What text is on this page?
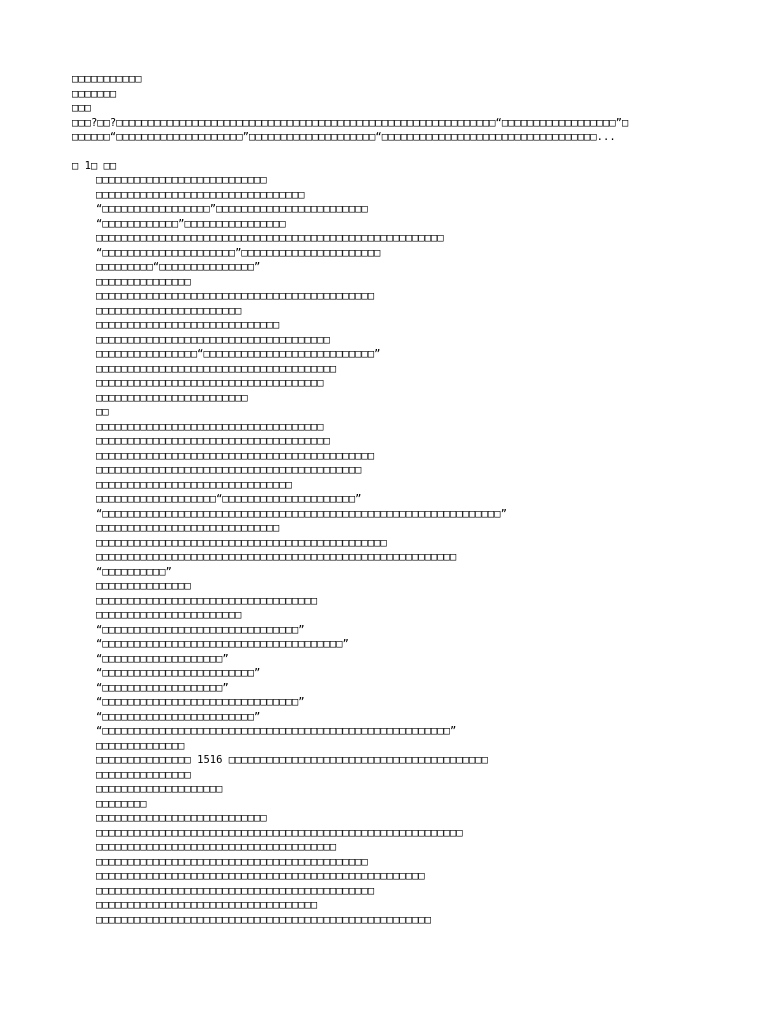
□□□□□□□□□□□
□□□□□□□
□□□
□□□?□□?□□□□□□□□□□□□□□□□□□□□□□□□□□□□□□□□□□□□□□□□□□□□□□□□□□□□□□□□□□□□“□□□□□□□□□□□□□□□□□□”□
□□□□□□“□□□□□□□□□□□□□□□□□□□□”□□□□□□□□□□□□□□□□□□□□“□□□□□□□□□□□□□□□□□□□□□□□□□□□□□□□□□□...
□ 1□ □□
□□□□□□□□□□□□□□□□□□□□□□□□□□□
□□□□□□□□□□□□□□□□□□□□□□□□□□□□□□□□□
“□□□□□□□□□□□□□□□□□”□□□□□□□□□□□□□□□□□□□□□□□□
“□□□□□□□□□□□□”□□□□□□□□□□□□□□□□
□□□□□□□□□□□□□□□□□□□□□□□□□□□□□□□□□□□□□□□□□□□□□□□□□□□□□□□
“□□□□□□□□□□□□□□□□□□□□□”□□□□□□□□□□□□□□□□□□□□□□
□□□□□□□□□“□□□□□□□□□□□□□□□”
□□□□□□□□□□□□□□□
□□□□□□□□□□□□□□□□□□□□□□□□□□□□□□□□□□□□□□□□□□□□
□□□□□□□□□□□□□□□□□□□□□□□
□□□□□□□□□□□□□□□□□□□□□□□□□□□□□
□□□□□□□□□□□□□□□□□□□□□□□□□□□□□□□□□□□□□
□□□□□□□□□□□□□□□□“□□□□□□□□□□□□□□□□□□□□□□□□□□□”
□□□□□□□□□□□□□□□□□□□□□□□□□□□□□□□□□□□□□□
□□□□□□□□□□□□□□□□□□□□□□□□□□□□□□□□□□□□
□□□□□□□□□□□□□□□□□□□□□□□□
□□
□□□□□□□□□□□□□□□□□□□□□□□□□□□□□□□□□□□□
□□□□□□□□□□□□□□□□□□□□□□□□□□□□□□□□□□□□□
□□□□□□□□□□□□□□□□□□□□□□□□□□□□□□□□□□□□□□□□□□□□
□□□□□□□□□□□□□□□□□□□□□□□□□□□□□□□□□□□□□□□□□□
□□□□□□□□□□□□□□□□□□□□□□□□□□□□□□□
□□□□□□□□□□□□□□□□□□□“□□□□□□□□□□□□□□□□□□□□□”
“□□□□□□□□□□□□□□□□□□□□□□□□□□□□□□□□□□□□□□□□□□□□□□□□□□□□□□□□□□□□□□□”
□□□□□□□□□□□□□□□□□□□□□□□□□□□□□
□□□□□□□□□□□□□□□□□□□□□□□□□□□□□□□□□□□□□□□□□□□□□□
□□□□□□□□□□□□□□□□□□□□□□□□□□□□□□□□□□□□□□□□□□□□□□□□□□□□□□□□□
“□□□□□□□□□□”
□□□□□□□□□□□□□□□
□□□□□□□□□□□□□□□□□□□□□□□□□□□□□□□□□□□
□□□□□□□□□□□□□□□□□□□□□□□
“□□□□□□□□□□□□□□□□□□□□□□□□□□□□□□□”
“□□□□□□□□□□□□□□□□□□□□□□□□□□□□□□□□□□□□□□”
“□□□□□□□□□□□□□□□□□□□”
“□□□□□□□□□□□□□□□□□□□□□□□□”
“□□□□□□□□□□□□□□□□□□□”
“□□□□□□□□□□□□□□□□□□□□□□□□□□□□□□□”
“□□□□□□□□□□□□□□□□□□□□□□□□”
“□□□□□□□□□□□□□□□□□□□□□□□□□□□□□□□□□□□□□□□□□□□□□□□□□□□□□□□”
□□□□□□□□□□□□□□
□□□□□□□□□□□□□□□ 1516 □□□□□□□□□□□□□□□□□□□□□□□□□□□□□□□□□□□□□□□□□
□□□□□□□□□□□□□□□
□□□□□□□□□□□□□□□□□□□□
□□□□□□□□
□□□□□□□□□□□□□□□□□□□□□□□□□□□
□□□□□□□□□□□□□□□□□□□□□□□□□□□□□□□□□□□□□□□□□□□□□□□□□□□□□□□□□□
□□□□□□□□□□□□□□□□□□□□□□□□□□□□□□□□□□□□□□
□□□□□□□□□□□□□□□□□□□□□□□□□□□□□□□□□□□□□□□□□□□
□□□□□□□□□□□□□□□□□□□□□□□□□□□□□□□□□□□□□□□□□□□□□□□□□□□□
□□□□□□□□□□□□□□□□□□□□□□□□□□□□□□□□□□□□□□□□□□□□
□□□□□□□□□□□□□□□□□□□□□□□□□□□□□□□□□□□
□□□□□□□□□□□□□□□□□□□□□□□□□□□□□□□□□□□□□□□□□□□□□□□□□□□□□
